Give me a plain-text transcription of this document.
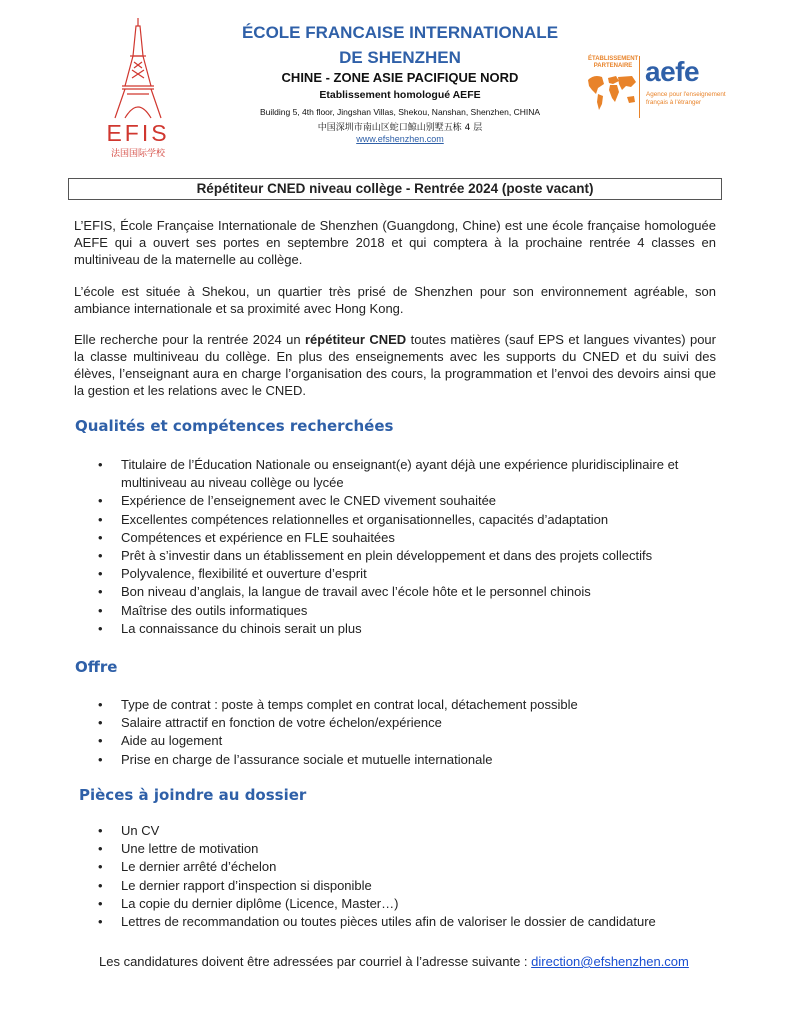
EFIS
法国国际学校
ÉCOLE FRANCAISE INTERNATIONALE
DE SHENZHEN
CHINE - ZONE ASIE PACIFIQUE NORD
Etablissement homologué AEFE
Building 5, 4th floor, Jingshan Villas, Shekou, Nanshan, Shenzhen, CHINA
中国深圳市南山区蛇口鲸山别墅五栋 4 层
www.efshenzhen.com
ÉTABLISSEMENT PARTENAIRE aefe
Agence pour l'enseignement français à l'étranger
Répétiteur CNED niveau collège - Rentrée 2024 (poste vacant)
L’EFIS, École Française Internationale de Shenzhen (Guangdong, Chine) est une école française homologuée AEFE qui a ouvert ses portes en septembre 2018 et qui comptera à la prochaine rentrée 4 classes en multiniveau de la maternelle au collège.
L’école est située à Shekou, un quartier très prisé de Shenzhen pour son environnement agréable, son ambiance internationale et sa proximité avec Hong Kong.
Elle recherche pour la rentrée 2024 un répétiteur CNED toutes matières (sauf EPS et langues vivantes) pour la classe multiniveau du collège. En plus des enseignements avec les supports du CNED et du suivi des élèves, l’enseignant aura en charge l’organisation des cours, la programmation et l’envoi des devoirs ainsi que la gestion et les relations avec le CNED.
Qualités et compétences recherchées
• Titulaire de l’Éducation Nationale ou enseignant(e) ayant déjà une expérience pluridisciplinaire et multiniveau au niveau collège ou lycée
• Expérience de l’enseignement avec le CNED vivement souhaitée
• Excellentes compétences relationnelles et organisationnelles, capacités d’adaptation
• Compétences et expérience en FLE souhaitées
• Prêt à s’investir dans un établissement en plein développement et dans des projets collectifs
• Polyvalence, flexibilité et ouverture d’esprit
• Bon niveau d’anglais, la langue de travail avec l’école hôte et le personnel chinois
• Maîtrise des outils informatiques
• La connaissance du chinois serait un plus
Offre
• Type de contrat : poste à temps complet en contrat local, détachement possible
• Salaire attractif en fonction de votre échelon/expérience
• Aide au logement
• Prise en charge de l’assurance sociale et mutuelle internationale
Pièces à joindre au dossier
• Un CV
• Une lettre de motivation
• Le dernier arrêté d’échelon
• Le dernier rapport d’inspection si disponible
• La copie du dernier diplôme (Licence, Master…)
• Lettres de recommandation ou toutes pièces utiles afin de valoriser le dossier de candidature
Les candidatures doivent être adressées par courriel à l’adresse suivante : direction@efshenzhen.com
